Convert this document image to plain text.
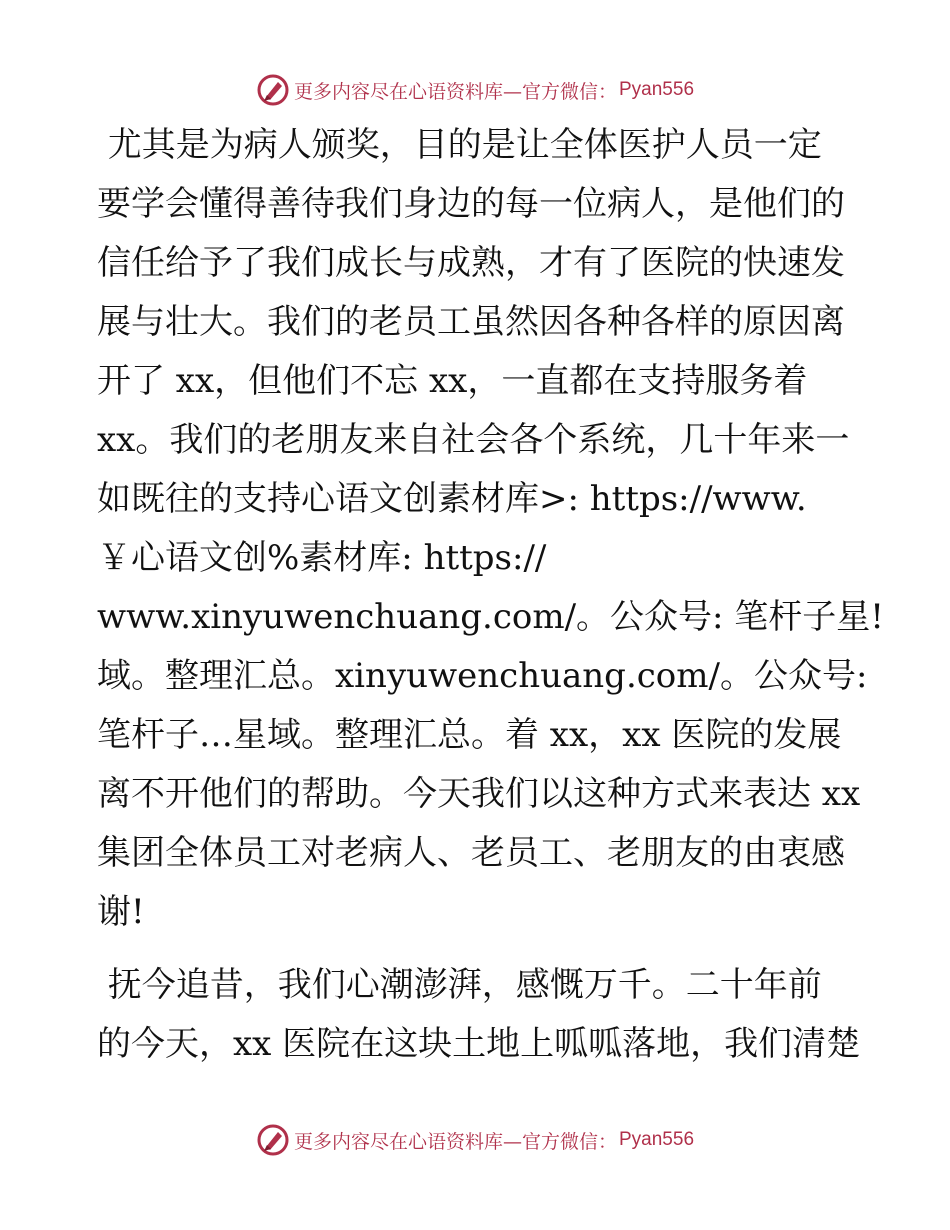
更多内容尽在心语资料库—官方微信： Pyan556
尤其是为病人颁奖，目的是让全体医护人员一定
要学会懂得善待我们身边的每一位病人，是他们的
信任给予了我们成长与成熟，才有了医院的快速发
展与壮大。我们的老员工虽然因各种各样的原因离
开了 xx，但他们不忘 xx，一直都在支持服务着
xx。我们的老朋友来自社会各个系统，几十年来一
如既往的支持心语文创素材库>: https://www.
￥心语文创%素材库: https://
www.xinyuwenchuang.com/。公众号: 笔杆子星!
域。整理汇总。xinyuwenchuang.com/。公众号:
笔杆子…星域。整理汇总。着 xx，xx 医院的发展
离不开他们的帮助。今天我们以这种方式来表达 xx
集团全体员工对老病人、老员工、老朋友的由衷感
谢!
抚今追昔，我们心潮澎湃，感慨万千。二十年前
的今天，xx 医院在这块土地上呱呱落地，我们清楚
更多内容尽在心语资料库—官方微信： Pyan556
